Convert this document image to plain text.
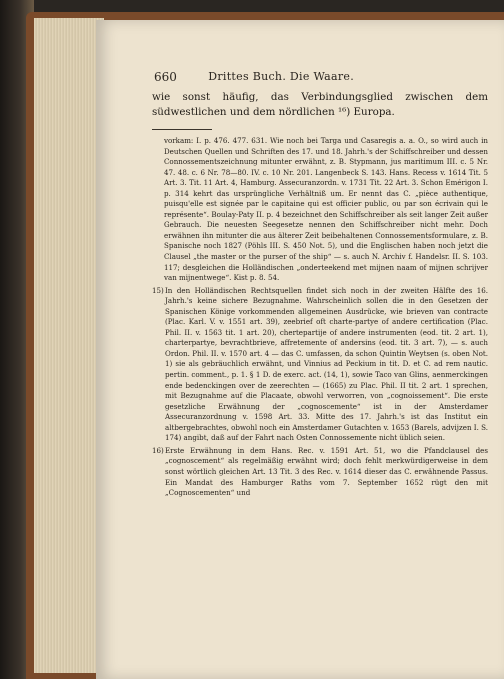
660	Drittes Buch. Die Waare.
wie sonst häufig, das Verbindungsglied zwischen dem südwestlichen und dem nördlichen ¹⁶) Europa.
vorkam: I. p. 476. 477. 631. Wie noch bei Targa und Casaregis a. a. O., so wird auch in Deutschen Quellen und Schriften des 17. und 18. Jahrh.'s der Schiffschreiber und dessen Connossementszeichnung mitunter erwähnt, z. B. Stypmann, jus maritimum III. c. 5 Nr. 47. 48. c. 6 Nr. 78—80. IV. c. 10 Nr. 201. Langenbeck S. 143. Hans. Recess v. 1614 Tit. 5 Art. 3. Tit. 11 Art. 4, Hamburg. Assecuranzordn. v. 1731 Tit. 22 Art. 3. Schon Emérigon I. p. 314 kehrt das ursprüngliche Verhältniß um. Er nennt das C. „pièce authentique, puisqu'elle est signée par le capitaine qui est officier public, ou par son écrivain qui le représente“. Boulay-Paty II. p. 4 bezeichnet den Schiffschreiber als seit langer Zeit außer Gebrauch. Die neuesten Seegesetze nennen den Schiffschreiber nicht mehr. Doch erwähnen ihn mitunter die aus älterer Zeit beibehaltenen Connossementsformulare, z. B. Spanische noch 1827 (Pöhls III. S. 450 Not. 5), und die Englischen haben noch jetzt die Clausel „the master or the purser of the ship“ — s. auch N. Archiv f. Handelsr. II. S. 103. 117; desgleichen die Holländischen „onderteekend met mijnen naam of mijnen schrijver van mijnentwege“. Kist p. 8. 54.
15) In den Holländischen Rechtsquellen findet sich noch in der zweiten Hälfte des 16. Jahrh.'s keine sichere Bezugnahme. Wahrscheinlich sollen die in den Gesetzen der Spanischen Könige vorkommenden allgemeinen Ausdrücke, wie brieven van contracte (Plac. Karl. V. v. 1551 art. 39), zeebrief oft charte-partye of andere certification (Plac. Phil. II. v. 1563 tit. 1 art. 20), chertepartije of andere instrumenten (eod. tit. 2 art. 1), charterpartye, bevrachtbrieve, affretemente of andersins (eod. tit. 3 art. 7), — s. auch Ordon. Phil. II. v. 1570 art. 4 — das C. umfassen, da schon Quintin Weytsen (s. oben Not. 1) sie als gebräuchlich erwähnt, und Vinnius ad Peckium in tit. D. et C. ad rem nautic. pertin. comment., p. 1. § 1 D. de exerc. act. (14, 1), sowie Taco van Glins, aenmerckingen ende bedenckingen over de zeerechten — (1665) zu Plac. Phil. II tit. 2 art. 1 sprechen, mit Bezugnahme auf die Placaate, obwohl verworren, von „cognoissement“. Die erste gesetzliche Erwähnung der „cognoscemente“ ist in der Amsterdamer Assecuranzordnung v. 1598 Art. 33. Mitte des 17. Jahrh.'s ist das Institut ein altbergebrachtes, obwohl noch ein Amsterdamer Gutachten v. 1653 (Barels, advijzen I. S. 174) angibt, daß auf der Fahrt nach Osten Connossemente nicht üblich seien.
16) Erste Erwähnung in dem Hans. Rec. v. 1591 Art. 51, wo die Pfandclausel des „cognoscement“ als regelmäßig erwähnt wird; doch fehlt merkwürdigerweise in dem sonst wörtlich gleichen Art. 13 Tit. 3 des Rec. v. 1614 dieser das C. erwähnende Passus. Ein Mandat des Hamburger Raths vom 7. September 1652 rügt den mit „Cognoscementen“ und
